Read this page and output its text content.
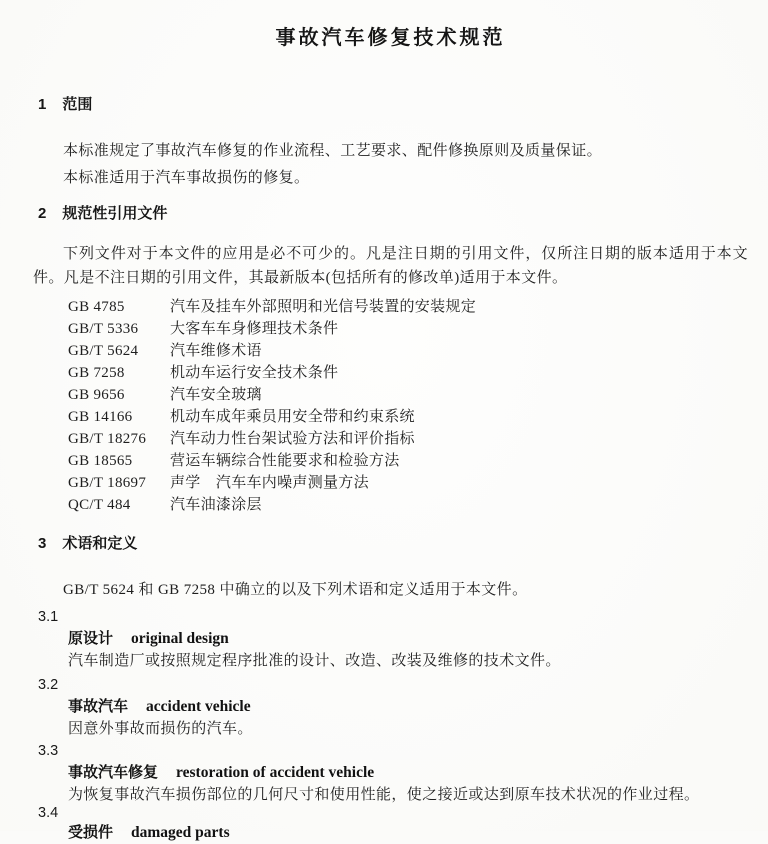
事故汽车修复技术规范
1 范围
本标准规定了事故汽车修复的作业流程、工艺要求、配件修换原则及质量保证。
本标准适用于汽车事故损伤的修复。
2 规范性引用文件
下列文件对于本文件的应用是必不可少的。凡是注日期的引用文件，仅所注日期的版本适用于本文件。凡是不注日期的引用文件，其最新版本(包括所有的修改单)适用于本文件。
GB 4785	汽车及挂车外部照明和光信号装置的安装规定
GB/T 5336	大客车车身修理技术条件
GB/T 5624	汽车维修术语
GB 7258	机动车运行安全技术条件
GB 9656	汽车安全玻璃
GB 14166	机动车成年乘员用安全带和约束系统
GB/T 18276	汽车动力性台架试验方法和评价指标
GB 18565	营运车辆综合性能要求和检验方法
GB/T 18697	声学　汽车车内噪声测量方法
QC/T 484	汽车油漆涂层
3 术语和定义
GB/T 5624 和 GB 7258 中确立的以及下列术语和定义适用于本文件。
3.1
原设计 original design
汽车制造厂或按照规定程序批准的设计、改造、改装及维修的技术文件。
3.2
事故汽车 accident vehicle
因意外事故而损伤的汽车。
3.3
事故汽车修复 restoration of accident vehicle
为恢复事故汽车损伤部位的几何尺寸和使用性能，使之接近或达到原车技术状况的作业过程。
3.4
受损件 damaged parts
